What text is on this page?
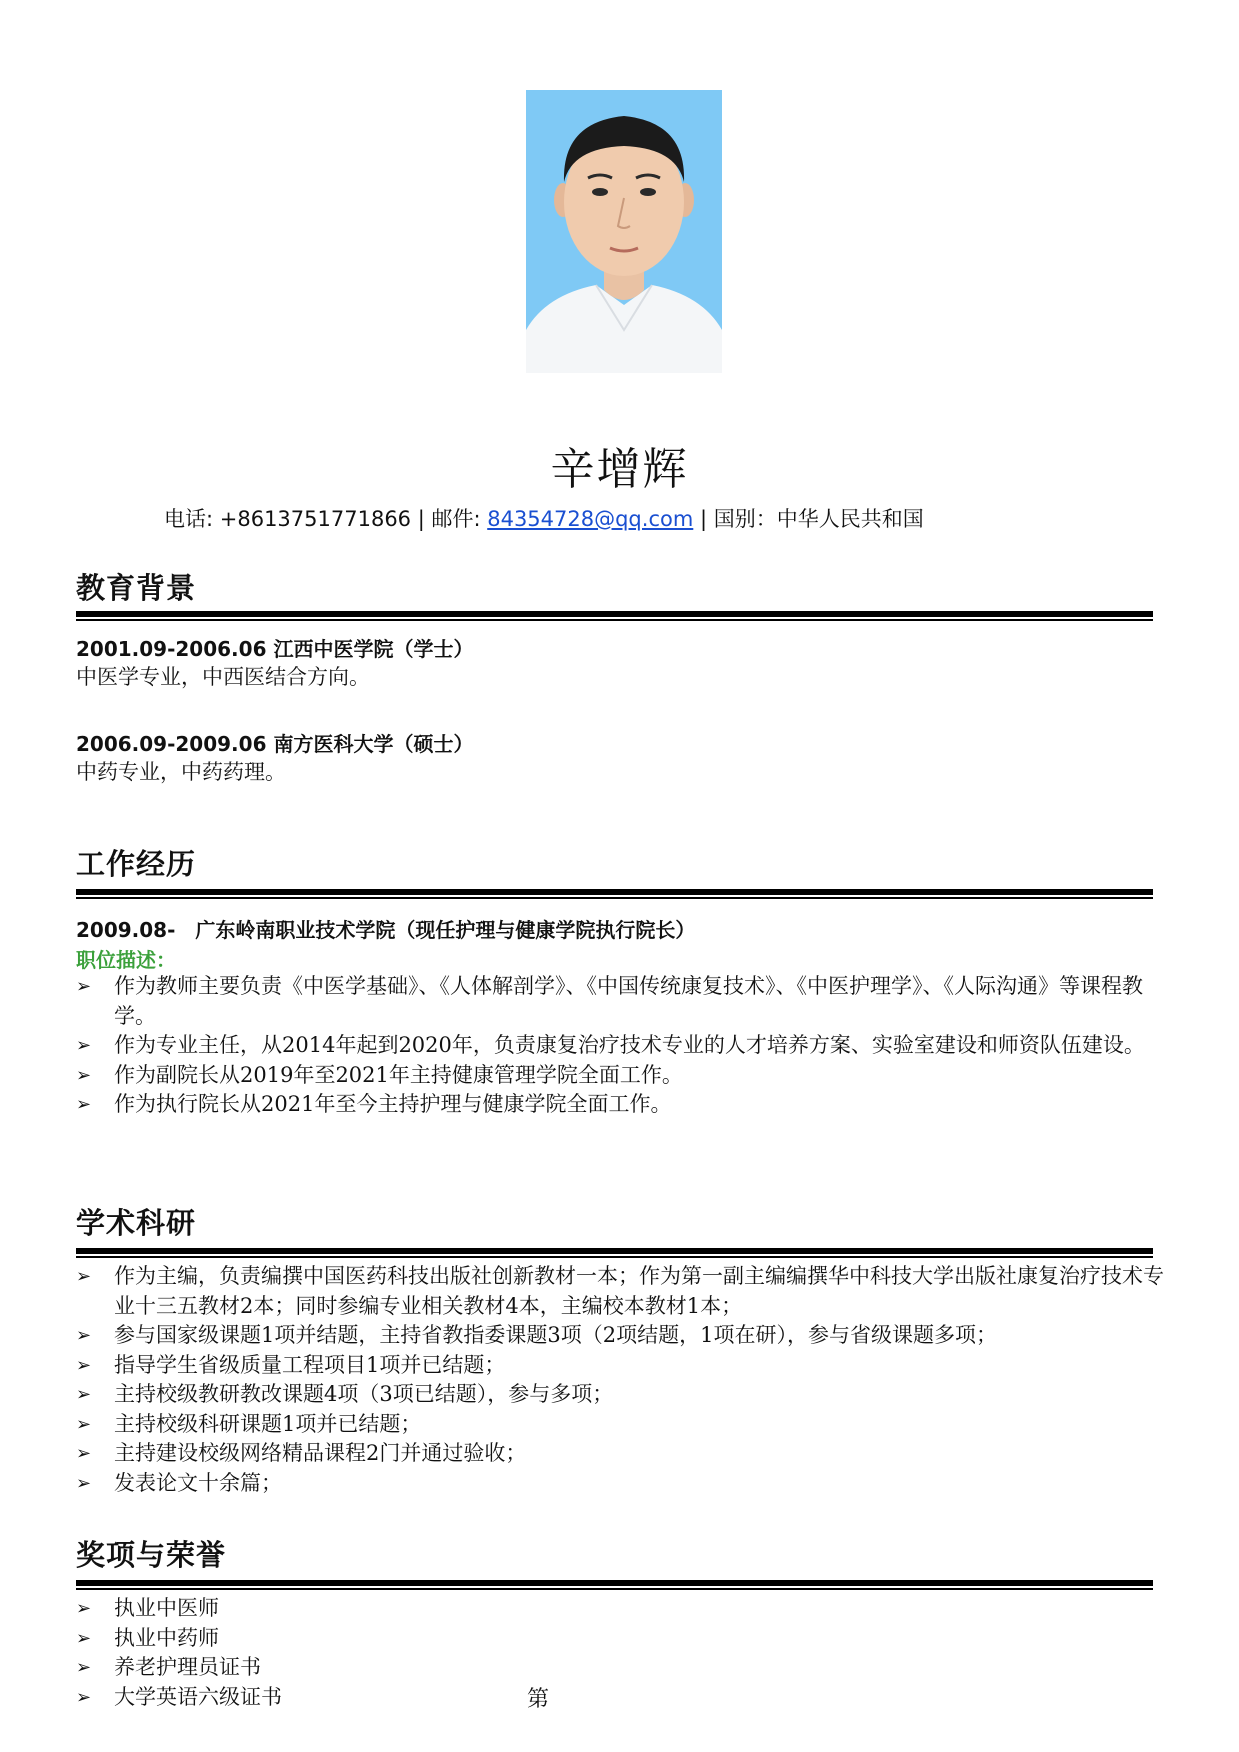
辛增辉
电话: +8613751771866 | 邮件: 84354728@qq.com | 国别：中华人民共和国
教育背景
2001.09-2006.06 江西中医学院（学士）
中医学专业，中西医结合方向。
2006.09-2009.06 南方医科大学（硕士）
中药专业，中药药理。
工作经历
2009.08- 广东岭南职业技术学院（现任护理与健康学院执行院长）
职位描述：
➢ 作为教师主要负责《中医学基础》、《人体解剖学》、《中国传统康复技术》、《中医护理学》、《人际沟通》等课程教学。
➢ 作为专业主任，从2014年起到2020年，负责康复治疗技术专业的人才培养方案、实验室建设和师资队伍建设。
➢ 作为副院长从2019年至2021年主持健康管理学院全面工作。
➢ 作为执行院长从2021年至今主持护理与健康学院全面工作。
学术科研
➢ 作为主编，负责编撰中国医药科技出版社创新教材一本；作为第一副主编编撰华中科技大学出版社康复治疗技术专业十三五教材2本；同时参编专业相关教材4本，主编校本教材1本；
➢ 参与国家级课题1项并结题，主持省教指委课题3项（2项结题，1项在研），参与省级课题多项；
➢ 指导学生省级质量工程项目1项并已结题；
➢ 主持校级教研教改课题4项（3项已结题），参与多项；
➢ 主持校级科研课题1项并已结题；
➢ 主持建设校级网络精品课程2门并通过验收；
➢ 发表论文十余篇；
奖项与荣誉
➢ 执业中医师
➢ 执业中药师
➢ 养老护理员证书
➢ 大学英语六级证书	第
